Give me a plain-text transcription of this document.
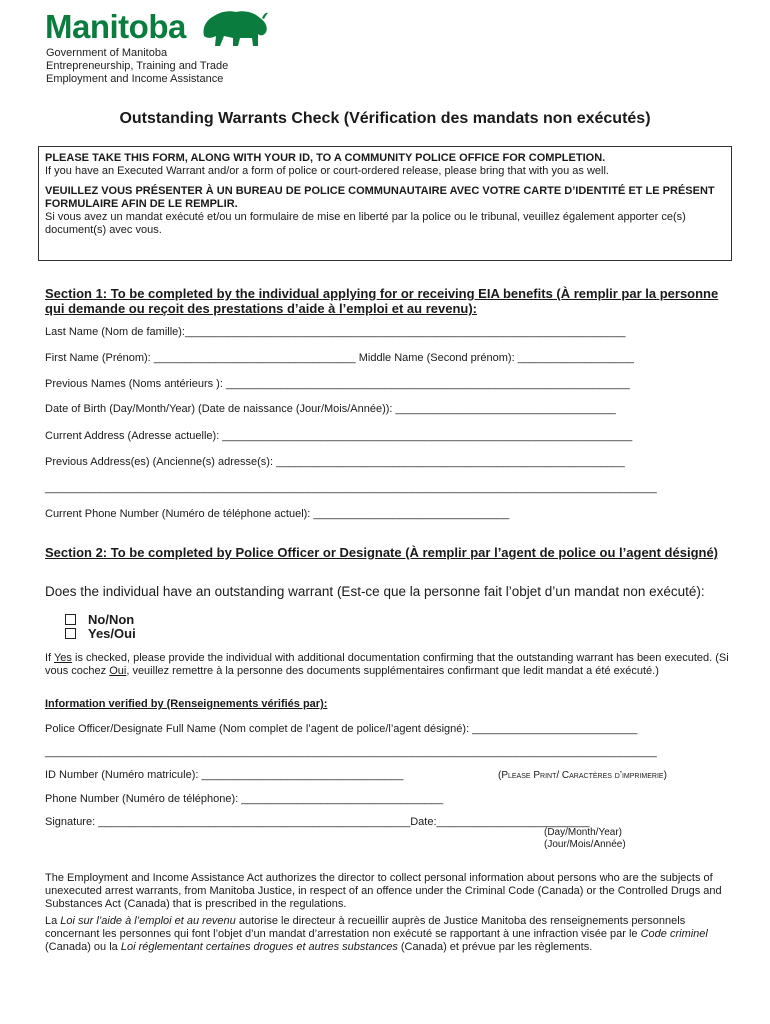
Manitoba
Government of Manitoba
Entrepreneurship, Training and Trade
Employment and Income Assistance
Outstanding Warrants Check (Vérification des mandats non exécutés)

PLEASE TAKE THIS FORM, ALONG WITH YOUR ID, TO A COMMUNITY POLICE OFFICE FOR COMPLETION.

If you have an Executed Warrant and/or a form of police or court-ordered release, please bring that with you as well.

VEUILLEZ VOUS PRÉSENTER À UN BUREAU DE POLICE COMMUNAUTAIRE AVEC VOTRE CARTE D’IDENTITÉ ET LE PRÉSENT FORMULAIRE AFIN DE LE REMPLIR.

Si vous avez un mandat exécuté et/ou un formulaire de mise en liberté par la police ou le tribunal, veuillez également apporter ce(s) document(s) avec vous.

Section 1: To be completed by the individual applying for or receiving EIA benefits (À remplir par la personne qui demande ou reçoit des prestations d’aide à l’emploi et au revenu):
Last Name (Nom de famille):________________________________________________________________________
First Name (Prénom): _________________________________ Middle Name (Second prénom): ___________________
Previous Names (Noms antérieurs ): __________________________________________________________________
Date of Birth (Day/Month/Year) (Date de naissance (Jour/Mois/Année)): ____________________________________
Current Address (Adresse actuelle): ___________________________________________________________________
Previous Address(es) (Ancienne(s) adresse(s): _________________________________________________________
____________________________________________________________________________________________________
Current Phone Number (Numéro de téléphone actuel): ________________________________
Section 2: To be completed by Police Officer or Designate (À remplir par l’agent de police ou l’agent désigné)
Does the individual have an outstanding warrant (Est-ce que la personne fait l’objet d’un mandat non exécuté):
No/Non
Yes/Oui
If Yes is checked, please provide the individual with additional documentation confirming that the outstanding warrant has been executed. (Si vous cochez Oui, veuillez remettre à la personne des documents supplémentaires confirmant que ledit mandat a été exécuté.)
Information verified by (Renseignements vérifiés par):
Police Officer/Designate Full Name (Nom complet de l’agent de police/l’agent désigné): ___________________________
____________________________________________________________________________________________________
ID Number (Numéro matricule): _________________________________	(Please Print/ Caractères d’imprimerie)
Phone Number (Numéro de téléphone): _________________________________
Signature: ___________________________________________________Date:_________________________
(Day/Month/Year)
(Jour/Mois/Année)
The Employment and Income Assistance Act authorizes the director to collect personal information about persons who are the subjects of unexecuted arrest warrants, from Manitoba Justice, in respect of an offence under the Criminal Code (Canada) or the Controlled Drugs and Substances Act (Canada) that is prescribed in the regulations.
La Loi sur l’aide à l’emploi et au revenu autorise le directeur à recueillir auprès de Justice Manitoba des renseignements personnels concernant les personnes qui font l’objet d’un mandat d’arrestation non exécuté se rapportant à une infraction visée par le Code criminel (Canada) ou la Loi réglementant certaines drogues et autres substances (Canada) et prévue par les règlements.
